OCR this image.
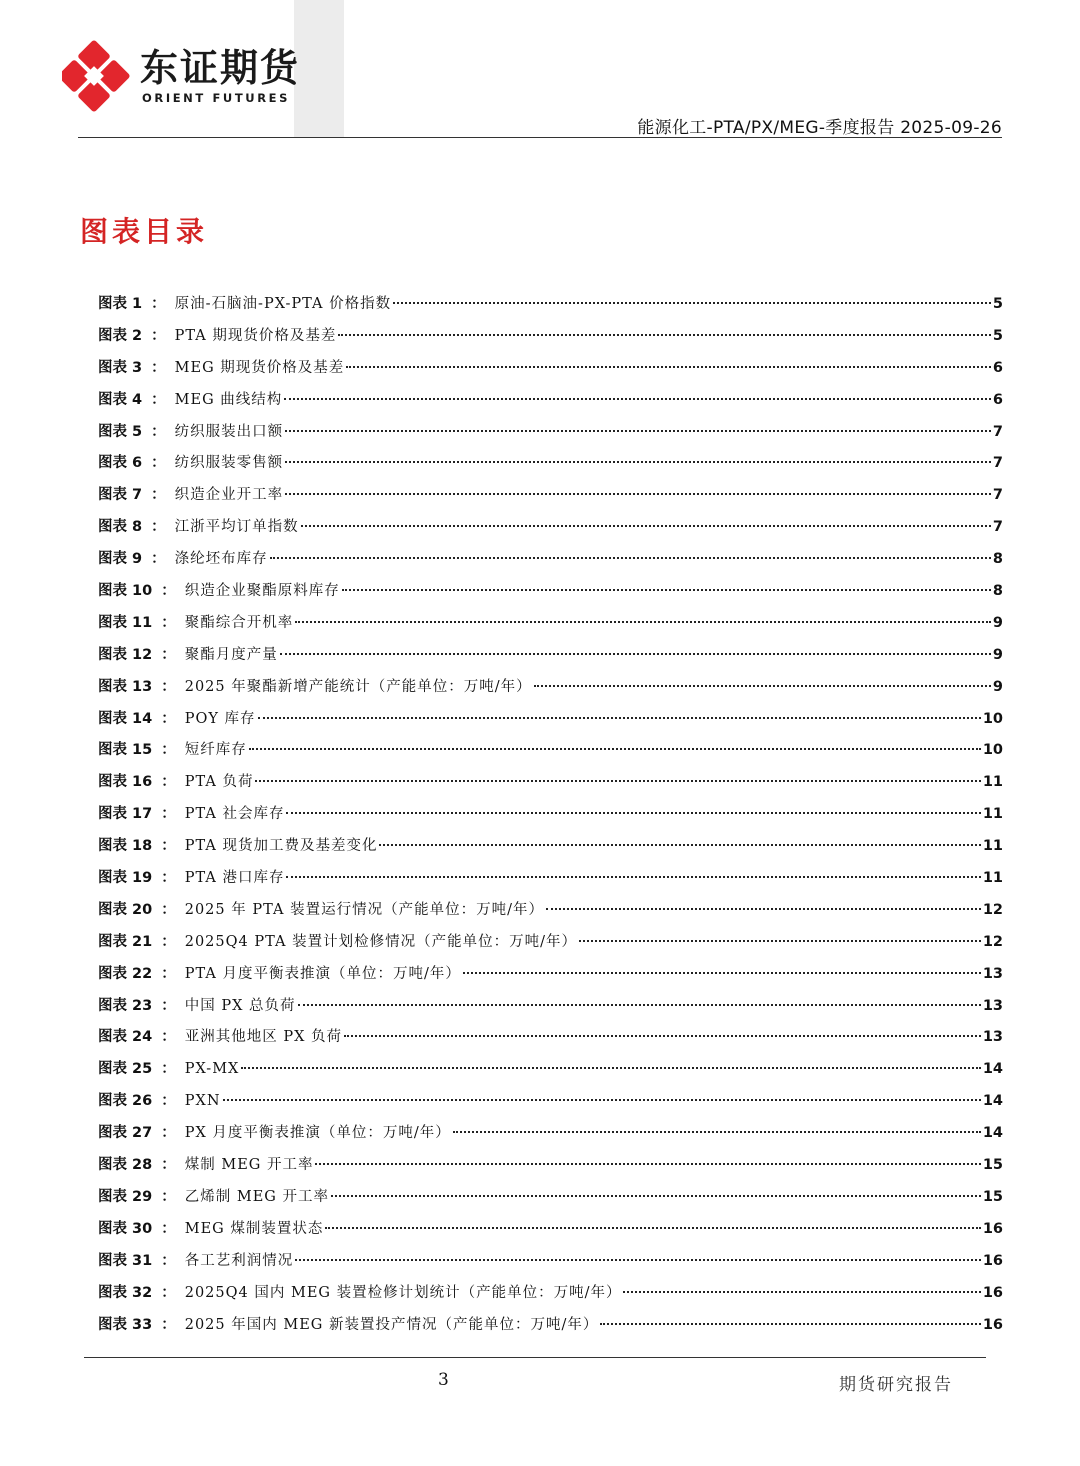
东证期货
ORIENT FUTURES
能源化工-PTA/PX/MEG-季度报告 2025-09-26
图表目录
图表 1 ： 原油-石脑油-PX-PTA 价格指数	5
图表 2 ： PTA 期现货价格及基差	5
图表 3 ： MEG 期现货价格及基差	6
图表 4 ： MEG 曲线结构	6
图表 5 ： 纺织服装出口额	7
图表 6 ： 纺织服装零售额	7
图表 7 ： 织造企业开工率	7
图表 8 ： 江浙平均订单指数	7
图表 9 ： 涤纶坯布库存	8
图表 10 ： 织造企业聚酯原料库存	8
图表 11 ： 聚酯综合开机率	9
图表 12 ： 聚酯月度产量	9
图表 13 ： 2025 年聚酯新增产能统计（产能单位：万吨/年）	9
图表 14 ： POY 库存	10
图表 15 ： 短纤库存	10
图表 16 ： PTA 负荷	11
图表 17 ： PTA 社会库存	11
图表 18 ： PTA 现货加工费及基差变化	11
图表 19 ： PTA 港口库存	11
图表 20 ： 2025 年 PTA 装置运行情况（产能单位：万吨/年）	12
图表 21 ： 2025Q4 PTA 装置计划检修情况（产能单位：万吨/年）	12
图表 22 ： PTA 月度平衡表推演（单位：万吨/年）	13
图表 23 ： 中国 PX 总负荷	13
图表 24 ： 亚洲其他地区 PX 负荷	13
图表 25 ： PX-MX	14
图表 26 ： PXN	14
图表 27 ： PX 月度平衡表推演（单位：万吨/年）	14
图表 28 ： 煤制 MEG 开工率	15
图表 29 ： 乙烯制 MEG 开工率	15
图表 30 ： MEG 煤制装置状态	16
图表 31 ： 各工艺利润情况	16
图表 32 ： 2025Q4 国内 MEG 装置检修计划统计（产能单位：万吨/年）	16
图表 33 ： 2025 年国内 MEG 新装置投产情况（产能单位：万吨/年）	16
3	期货研究报告
